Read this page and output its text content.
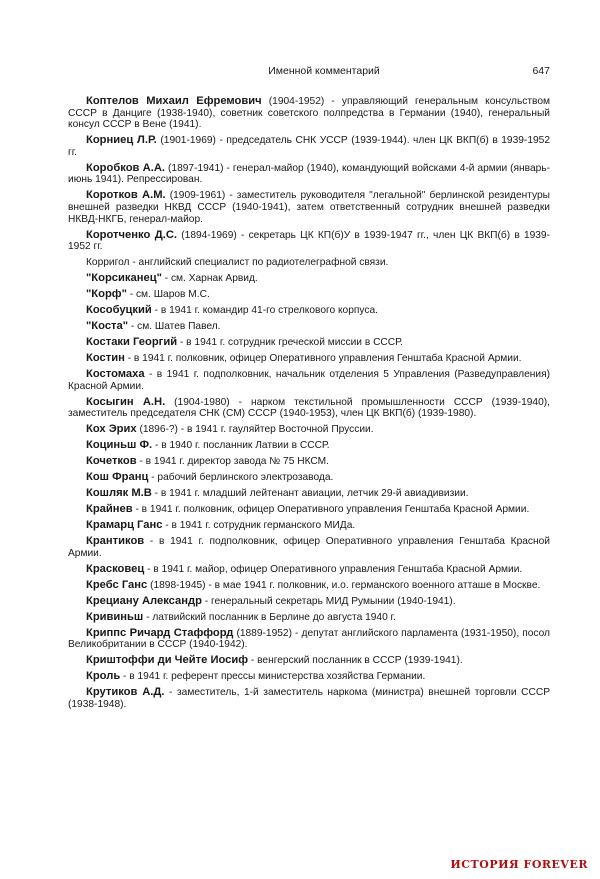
Именной комментарий	647

Коптелов Михаил Ефремович (1904-1952) - управляющий генеральным консульством СССР в Данциге (1938-1940), советник советского полпредства в Германии (1940), генеральный консул СССР в Вене (1941).

Корниец Л.Р. (1901-1969) - председатель СНК УССР (1939-1944). член ЦК ВКП(б) в 1939-1952 гг.

Коробков А.А. (1897-1941) - генерал-майор (1940), командующий войсками 4-й армии (январь-июнь 1941). Репрессирован.

Коротков А.М. (1909-1961) - заместитель руководителя "легальной" берлинской резидентуры внешней разведки НКВД СССР (1940-1941), затем ответственный сотрудник внешней разведки НКВД-НКГБ, генерал-майор.

Коротченко Д.С. (1894-1969) - секретарь ЦК КП(б)У в 1939-1947 гг., член ЦК ВКП(б) в 1939-1952 гг.

Корригол - английский специалист по радиотелеграфной связи.

"Корсиканец" - см. Харнак Арвид.

"Корф" - см. Шаров М.С.

Кособуцкий - в 1941 г. командир 41-го стрелкового корпуса.

"Коста" - см. Шатев Павел.

Костаки Георгий - в 1941 г. сотрудник греческой миссии в СССР.

Костин - в 1941 г. полковник, офицер Оперативного управления Генштаба Красной Армии.

Костомаха - в 1941 г. подполковник, начальник отделения 5 Управления (Разведуправления) Красной Армии.

Косыгин А.Н. (1904-1980) - нарком текстильной промышленности СССР (1939-1940), заместитель председателя СНК (СМ) СССР (1940-1953), член ЦК ВКП(б) (1939-1980).

Кох Эрих (1896-?) - в 1941 г. гауляйтер Восточной Пруссии.

Коциньш Ф. - в 1940 г. посланник Латвии в СССР.

Кочетков - в 1941 г. директор завода № 75 НКСМ.

Кош Франц - рабочий берлинского электрозавода.

Кошляк М.В - в 1941 г. младший лейтенант авиации, летчик 29-й авиадивизии.

Крайнев - в 1941 г. полковник, офицер Оперативного управления Генштаба Красной Армии.

Крамарц Ганс - в 1941 г. сотрудник германского МИДа.

Крантиков - в 1941 г. подполковник, офицер Оперативного управления Генштаба Красной Армии.

Красковец - в 1941 г. майор, офицер Оперативного управления Генштаба Красной Армии.

Кребс Ганс (1898-1945) - в мае 1941 г. полковник, и.о. германского военного атташе в Москве.

Крециану Александр - генеральный секретарь МИД Румынии (1940-1941).

Кривиньш - латвийский посланник в Берлине до августа 1940 г.

Криппс Ричард Стаффорд (1889-1952) - депутат английского парламента (1931-1950), посол Великобритании в СССР (1940-1942).

Криштоффи ди Чейте Иосиф - венгерский посланник в СССР (1939-1941).

Кроль - в 1941 г. референт прессы министерства хозяйства Германии.

Крутиков А.Д. - заместитель, 1-й заместитель наркома (министра) внешней торговли СССР (1938-1948).

ИСТОРИЯ FOREVER
